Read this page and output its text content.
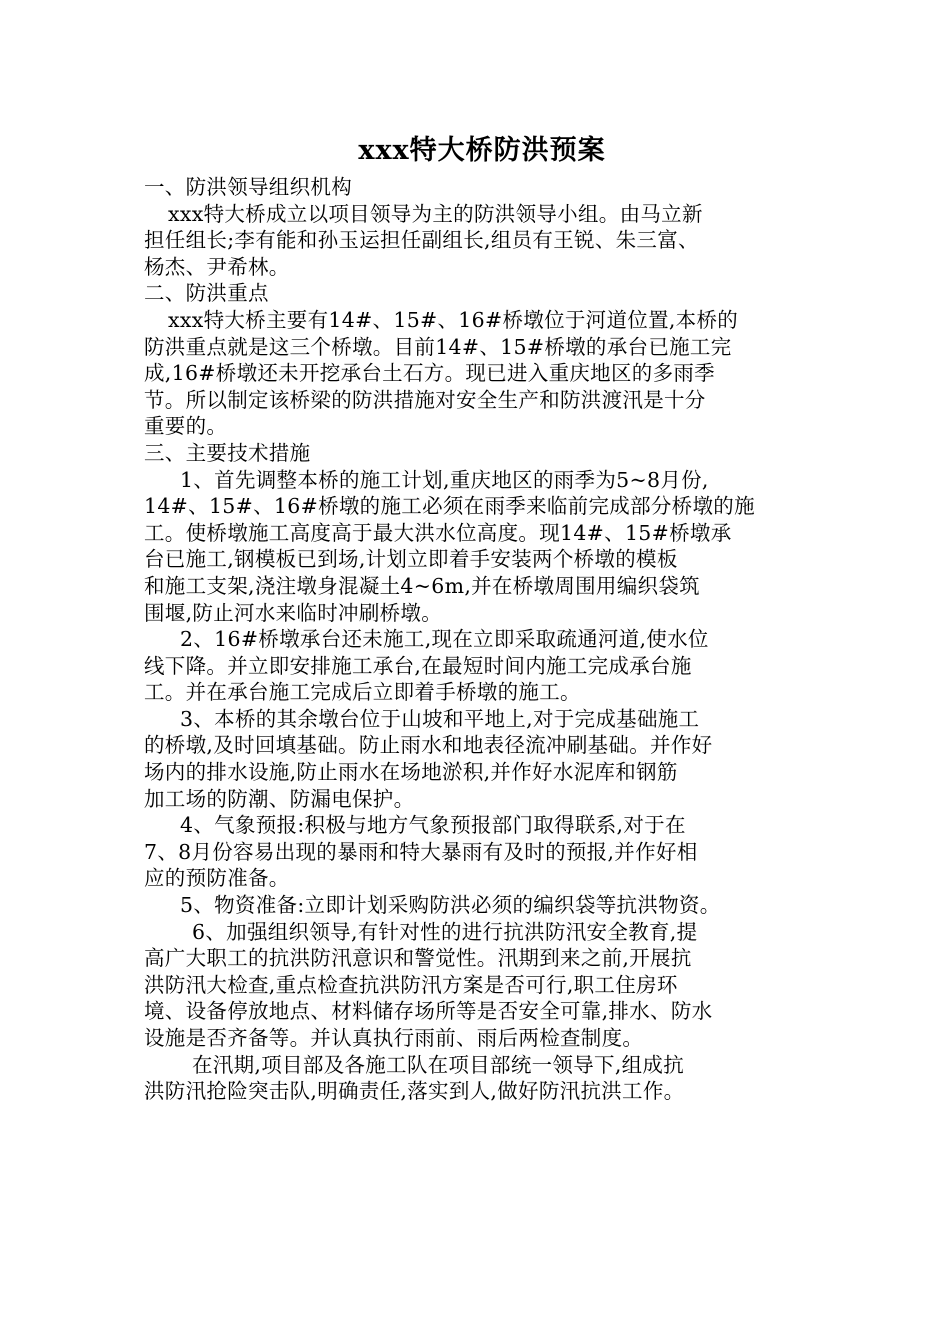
xxx特大桥防洪预案

一、防洪领导组织机构

xxx特大桥成立以项目领导为主的防洪领导小组。由马立新

担任组长;李有能和孙玉运担任副组长,组员有王锐、朱三富、

杨杰、尹希林。

二、防洪重点

xxx特大桥主要有14#、15#、16#桥墩位于河道位置,本桥的

防洪重点就是这三个桥墩。目前14#、15#桥墩的承台已施工完

成,16#桥墩还未开挖承台土石方。现已进入重庆地区的多雨季

节。所以制定该桥梁的防洪措施对安全生产和防洪渡汛是十分

重要的。

三、主要技术措施

1、首先调整本桥的施工计划,重庆地区的雨季为5~8月份,

14#、15#、16#桥墩的施工必须在雨季来临前完成部分桥墩的施

工。使桥墩施工高度高于最大洪水位高度。现14#、15#桥墩承

台已施工,钢模板已到场,计划立即着手安装两个桥墩的模板

和施工支架,浇注墩身混凝土4~6m,并在桥墩周围用编织袋筑

围堰,防止河水来临时冲刷桥墩。

2、16#桥墩承台还未施工,现在立即采取疏通河道,使水位

线下降。并立即安排施工承台,在最短时间内施工完成承台施

工。并在承台施工完成后立即着手桥墩的施工。

3、本桥的其余墩台位于山坡和平地上,对于完成基础施工

的桥墩,及时回填基础。防止雨水和地表径流冲刷基础。并作好

场内的排水设施,防止雨水在场地淤积,并作好水泥库和钢筋

加工场的防潮、防漏电保护。

4、气象预报:积极与地方气象预报部门取得联系,对于在

7、8月份容易出现的暴雨和特大暴雨有及时的预报,并作好相

应的预防准备。

5、物资准备:立即计划采购防洪必须的编织袋等抗洪物资。

6、加强组织领导,有针对性的进行抗洪防汛安全教育,提

高广大职工的抗洪防汛意识和警觉性。汛期到来之前,开展抗

洪防汛大检查,重点检查抗洪防汛方案是否可行,职工住房环

境、设备停放地点、材料储存场所等是否安全可靠,排水、防水

设施是否齐备等。并认真执行雨前、雨后两检查制度。

在汛期,项目部及各施工队在项目部统一领导下,组成抗

洪防汛抢险突击队,明确责任,落实到人,做好防汛抗洪工作。
